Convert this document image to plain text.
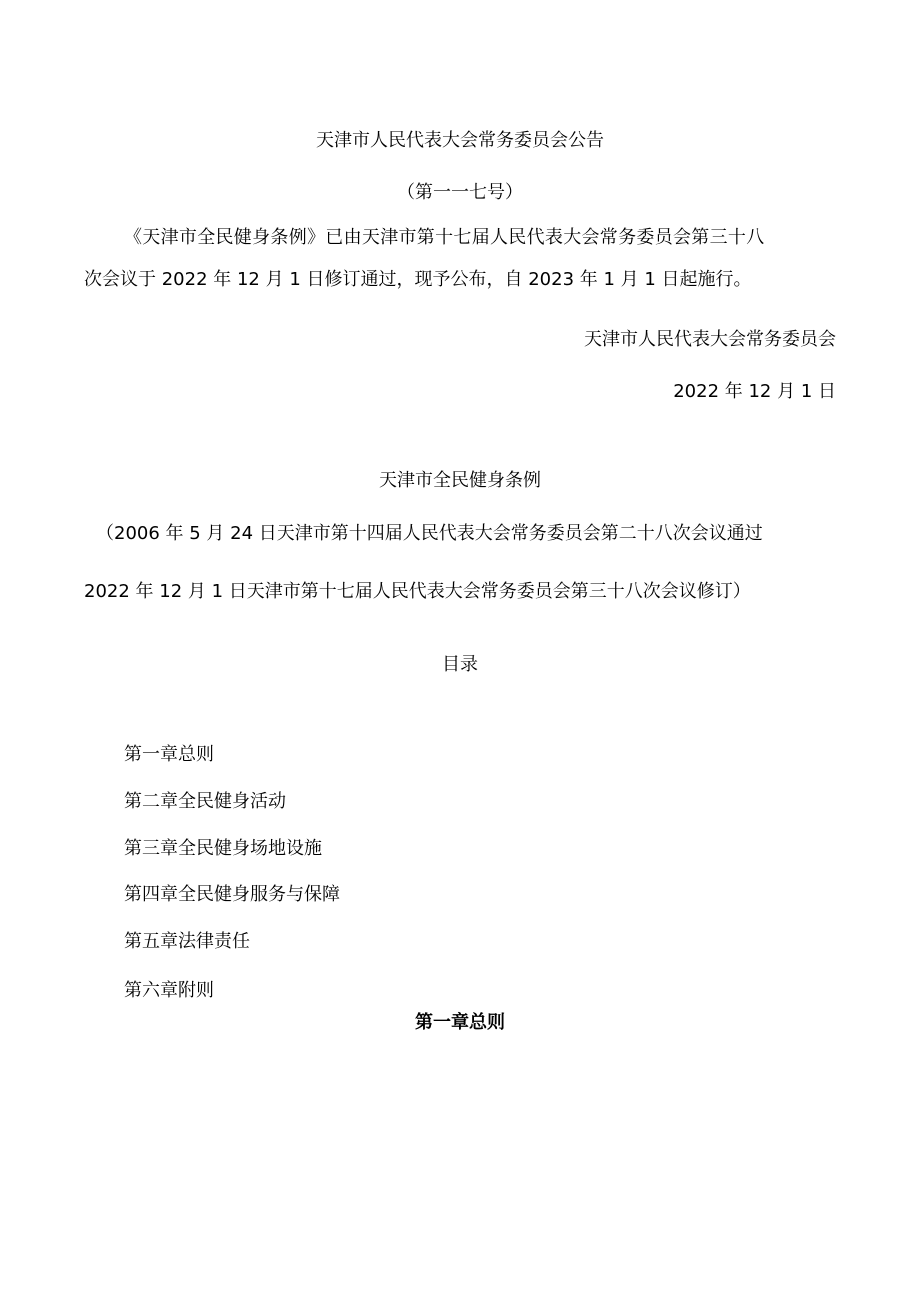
天津市人民代表大会常务委员会公告
（第一一七号）
《天津市全民健身条例》已由天津市第十七届人民代表大会常务委员会第三十八
次会议于 2022 年 12 月 1 日修订通过，现予公布，自 2023 年 1 月 1 日起施行。
天津市人民代表大会常务委员会
2022 年 12 月 1 日
天津市全民健身条例
（2006 年 5 月 24 日天津市第十四届人民代表大会常务委员会第二十八次会议通过
2022 年 12 月 1 日天津市第十七届人民代表大会常务委员会第三十八次会议修订）
目录
第一章总则
第二章全民健身活动
第三章全民健身场地设施
第四章全民健身服务与保障
第五章法律责任
第六章附则
第一章总则
